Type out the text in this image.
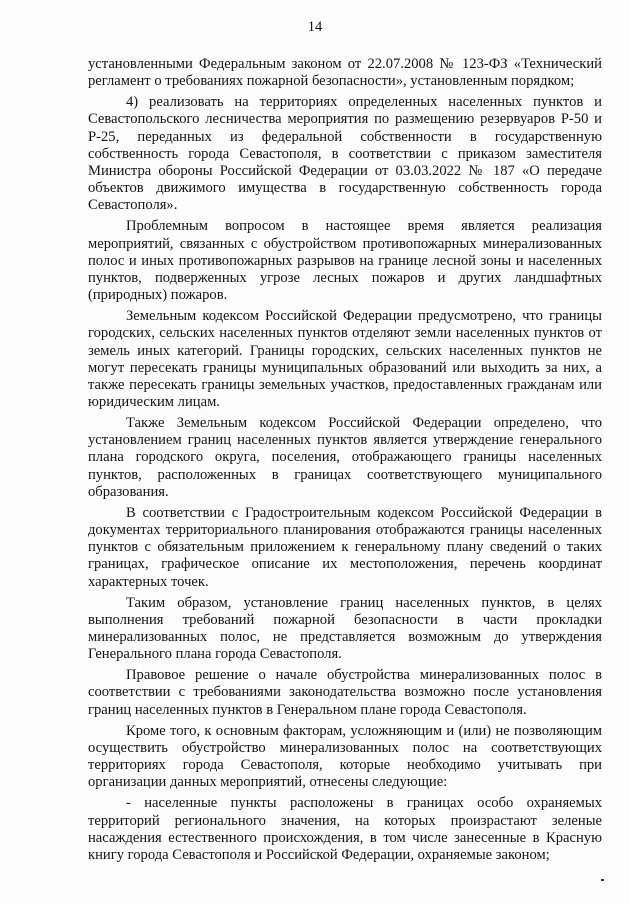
14

установленными Федеральным законом от 22.07.2008 № 123-ФЗ «Технический регламент о требованиях пожарной безопасности», установленным порядком;

4) реализовать на территориях определенных населенных пунктов и Севастопольского лесничества мероприятия по размещению резервуаров Р-50 и Р-25, переданных из федеральной собственности в государственную собственность города Севастополя, в соответствии с приказом заместителя Министра обороны Российской Федерации от 03.03.2022 № 187 «О передаче объектов движимого имущества в государственную собственность города Севастополя».

Проблемным вопросом в настоящее время является реализация мероприятий, связанных с обустройством противопожарных минерализованных полос и иных противопожарных разрывов на границе лесной зоны и населенных пунктов, подверженных угрозе лесных пожаров и других ландшафтных (природных) пожаров.

Земельным кодексом Российской Федерации предусмотрено, что границы городских, сельских населенных пунктов отделяют земли населенных пунктов от земель иных категорий. Границы городских, сельских населенных пунктов не могут пересекать границы муниципальных образований или выходить за них, а также пересекать границы земельных участков, предоставленных гражданам или юридическим лицам.

Также Земельным кодексом Российской Федерации определено, что установлением границ населенных пунктов является утверждение генерального плана городского округа, поселения, отображающего границы населенных пунктов, расположенных в границах соответствующего муниципального образования.

В соответствии с Градостроительным кодексом Российской Федерации в документах территориального планирования отображаются границы населенных пунктов с обязательным приложением к генеральному плану сведений о таких границах, графическое описание их местоположения, перечень координат характерных точек.

Таким образом, установление границ населенных пунктов, в целях выполнения требований пожарной безопасности в части прокладки минерализованных полос, не представляется возможным до утверждения Генерального плана города Севастополя.

Правовое решение о начале обустройства минерализованных полос в соответствии с требованиями законодательства возможно после установления границ населенных пунктов в Генеральном плане города Севастополя.

Кроме того, к основным факторам, усложняющим и (или) не позволяющим осуществить обустройство минерализованных полос на соответствующих территориях города Севастополя, которые необходимо учитывать при организации данных мероприятий, отнесены следующие:

- населенные пункты расположены в границах особо охраняемых территорий регионального значения, на которых произрастают зеленые насаждения естественного происхождения, в том числе занесенные в Красную книгу города Севастополя и Российской Федерации, охраняемые законом;
